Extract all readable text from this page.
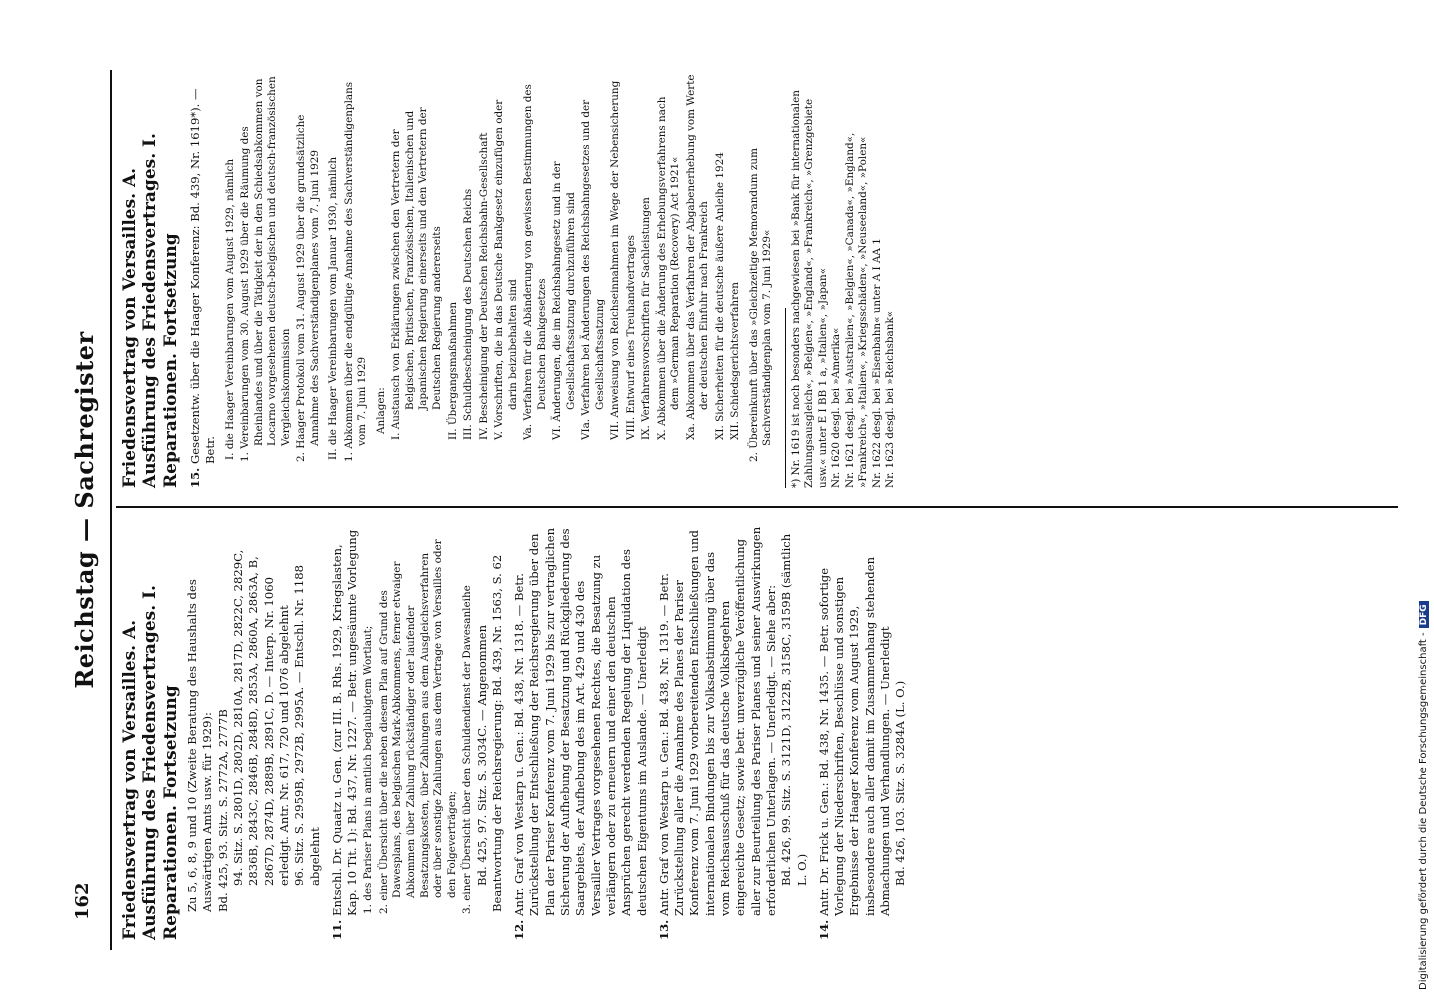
162
Reichstag — Sachregister
Friedensvertrag von Versailles. A. Ausführung des Friedensvertrages. I. Reparationen. Fortsetzung Zu 5, 6, 8, 9 und 10 (Zweite Beratung des Haushalts des Auswärtigen Amts usw. für 1929): Bd. 425, 93. Sitz. S. 2772A, 2777B 94. Sitz. S. 2801D, 2802D, 2810A, 2817D, 2822C, 2829C, 2836B, 2843C, 2846B, 2848D, 2853A, 2860A, 2863A, B, 2867D, 2874D, 2889B, 2891C, D. — Interp. Nr. 1060 erledigt. Antr. Nr. 617, 720 und 1076 abgelehnt 96. Sitz. S. 2959B, 2972B, 2995A. — Entschl. Nr. 1188 abgelehnt
11.Entschl. Dr. Quaatz u. Gen. (zur III. B. Rhs. 1929, Kriegslasten, Kap. 10 Tit. 1): Bd. 437, Nr. 1227. — Betr. ungesäumte Vorlegung 1. des Pariser Plans in amtlich beglaubigtem Wortlaut; 2. einer Übersicht über die neben diesem Plan auf Grund des Dawesplans, des belgischen Mark-Abkommens, ferner etwaiger Abkommen über Zahlung rückständiger oder laufender Besatzungskosten, über Zahlungen aus dem Ausgleichsverfahren oder über sonstige Zahlungen aus dem Vertrage von Versailles oder den Folgeverträgen; 3. einer Übersicht über den Schuldendienst der Dawesanleihe Bd. 425, 97. Sitz. S. 3034C. — Angenommen Beantwortung der Reichsregierung: Bd. 439, Nr. 1563, S. 62
12.Antr. Graf von Westarp u. Gen.: Bd. 438, Nr. 1318. — Betr. Zurückstellung der Entschließung der Reichsregierung über den Plan der Pariser Konferenz vom 7. Juni 1929 bis zur vertraglichen Sicherung der Aufhebung der Besatzung und Rückgliederung des Saargebiets, der Aufhebung des im Art. 429 und 430 des Versailler Vertrages vorgesehenen Rechtes, die Besatzung zu verlängern oder zu erneuern und einer den deutschen Ansprüchen gerecht werdenden Regelung der Liquidation des deutschen Eigentums im Auslande. — Unerledigt
13.Antr. Graf von Westarp u. Gen.: Bd. 438, Nr. 1319. — Betr. Zurückstellung aller die Annahme des Planes der Pariser Konferenz vom 7. Juni 1929 vorbereitenden Entschließungen und internationalen Bindungen bis zur Volksabstimmung über das vom Reichsausschuß für das deutsche Volksbegehren eingereichte Gesetz; sowie betr. unverzügliche Veröffentlichung aller zur Beurteilung des Pariser Planes und seiner Auswirkungen erforderlichen Unterlagen. — Unerledigt. — Siehe aber: Bd. 426, 99. Sitz. S. 3121D, 3122B, 3158C, 3159B (sämtlich L. O.)
14.Antr. Dr. Frick u. Gen.: Bd. 438, Nr. 1435. — Betr. sofortige Vorlegung der Niederschriften, Beschlüsse und sonstigen Ergebnisse der Haager Konferenz vom August 1929, insbesondere auch aller damit im Zusammenhang stehenden Abmachungen und Verhandlungen. — Unerledigt Bd. 426, 103. Sitz. S. 3284A (L. O.)
Friedensvertrag von Versailles. A. Ausführung des Friedensvertrages. I. Reparationen. Fortsetzung 15.Gesetzentw. über die Haager Konferenz: Bd. 439, Nr. 1619*). — Betr. I. die Haager Vereinbarungen vom August 1929, nämlich 1. Vereinbarungen vom 30. August 1929 über die Räumung des Rheinlandes und über die Tätigkeit der in den Schiedsabkommen von Locarno vorgesehenen deutsch-belgischen und deutsch-französischen Vergleichskommission 2. Haager Protokoll vom 31. August 1929 über die grundsätzliche Annahme des Sachverständigenplanes vom 7. Juni 1929 II. die Haager Vereinbarungen vom Januar 1930, nämlich 1. Abkommen über die endgültige Annahme des Sachverständigenplans vom 7. Juni 1929 Anlagen: I. Austausch von Erklärungen zwischen den Vertretern der Belgischen, Britischen, Französischen, Italienischen und Japanischen Regierung einerseits und den Vertretern der Deutschen Regierung andererseits II. Übergangsmaßnahmen III. Schuldbescheinigung des Deutschen Reichs IV. Bescheinigung der Deutschen Reichsbahn-Gesellschaft V. Vorschriften, die in das Deutsche Bankgesetz einzufügen oder darin beizubehalten sind Va. Verfahren für die Abänderung von gewissen Bestimmungen des Deutschen Bankgesetzes VI. Änderungen, die im Reichsbahngesetz und in der Gesellschaftssatzung durchzuführen sind VIa. Verfahren bei Änderungen des Reichsbahngesetzes und der Gesellschaftssatzung VII. Anweisung von Reichseinnahmen im Wege der Nebensicherung VIII. Entwurf eines Treuhandvertrages IX. Verfahrensvorschriften für Sachleistungen X. Abkommen über die Änderung des Erhebungsverfahrens nach dem »German Reparation (Recovery) Act 1921« Xa. Abkommen über das Verfahren der Abgabenerhebung vom Werte der deutschen Einfuhr nach Frankreich XI. Sicherheiten für die deutsche äußere Anleihe 1924 XII. Schiedsgerichtsverfahren 2. Übereinkunft über das »Gleichzeitige Memorandum zum Sachverständigenplan vom 7. Juni 1929« *) Nr. 1619 ist noch besonders nachgewiesen bei »Bank für internationalen Zahlungsausgleich«, »Belgien«, »England«, »Frankreich«, »Grenzgebiete usw.« unter E I BB 1 a, »Italien«, »Japan« Nr. 1620 desgl. bei »Amerika« Nr. 1621 desgl. bei »Australien«, »Belgien«, »Canada«, »England«, »Frankreich«, »Italien«, »Kriegsschäden«, »Neuseeland«, »Polen« Nr. 1622 desgl. bei »Eisenbahn« unter A I AA 1 Nr. 1623 desgl. bei »Reichsbank«
Digitalisierung gefördert durch die Deutsche Forschungsgemeinschaft -DFG
